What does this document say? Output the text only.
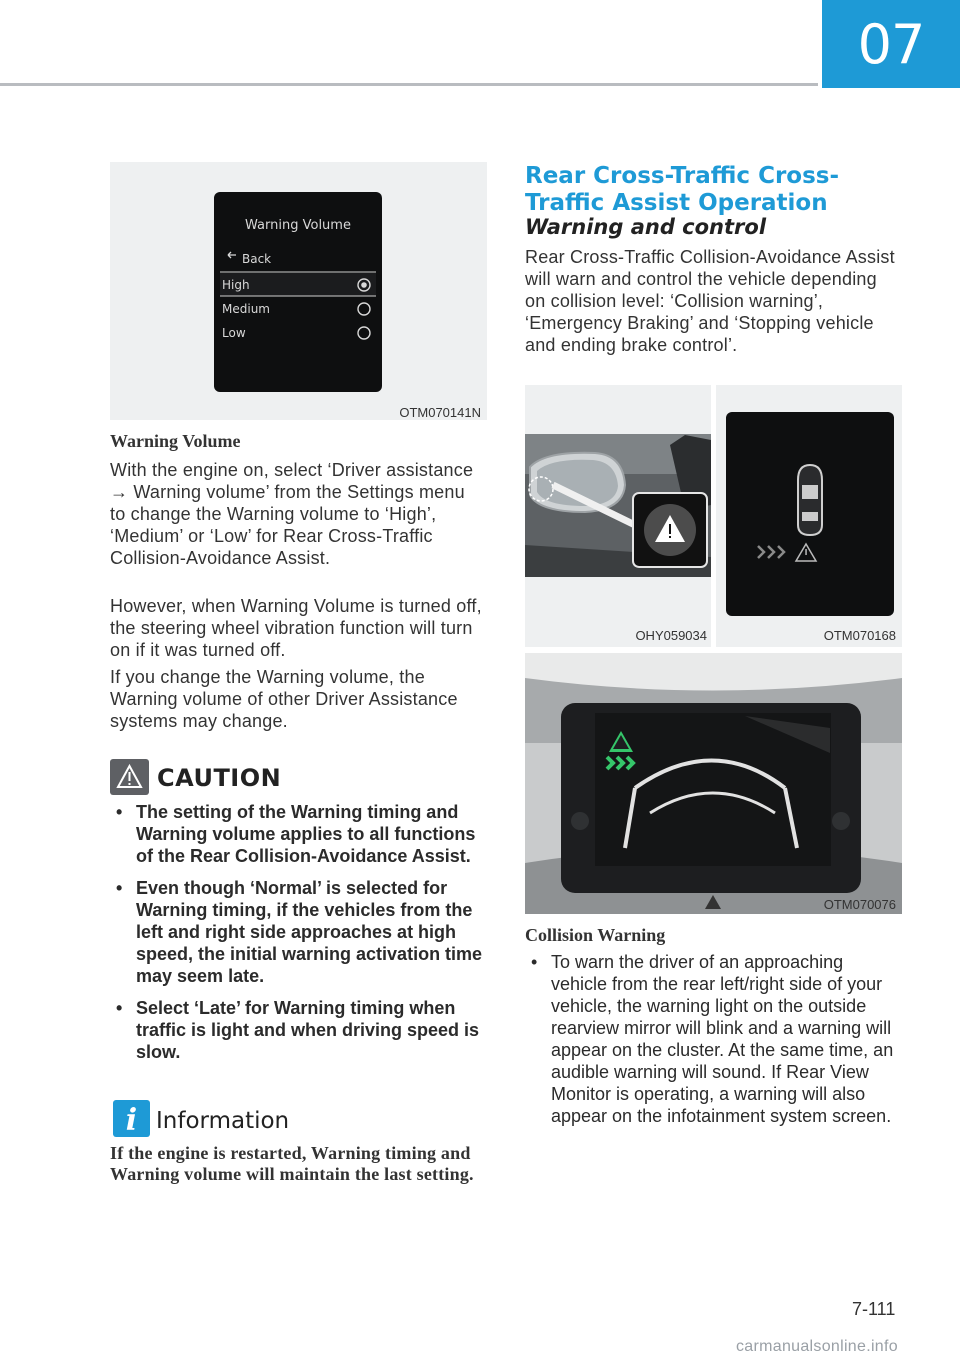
07
Warning Volume
Back
High
Medium
Low
OTM070141N
Warning Volume
With the engine on, select ‘Driver assistance → Warning volume’ from the Settings menu to change the Warning volume to ‘High’, ‘Medium’ or ‘Low’ for Rear Cross-Traffic Collision-Avoidance Assist.
However, when Warning Volume is turned off, the steering wheel vibration function will turn on if it was turned off.
If you change the Warning volume, the Warning volume of other Driver Assistance systems may change.
CAUTION
• The setting of the Warning timing and Warning volume applies to all functions of the Rear Collision-Avoidance Assist.
• Even though ‘Normal’ is selected for Warning timing, if the vehicles from the left and right side approaches at high speed, the initial warning activation time may seem late.
• Select ‘Late’ for Warning timing when traffic is light and when driving speed is slow.
i Information
If the engine is restarted, Warning timing and Warning volume will maintain the last setting.
Rear Cross-Traffic Cross-Traffic Assist Operation
Warning and control
Rear Cross-Traffic Collision-Avoidance Assist will warn and control the vehicle depending on collision level: ‘Collision warning’, ‘Emergency Braking’ and ‘Stopping vehicle and ending brake control’.
OHY059034	OTM070168
OTM070076
Collision Warning
• To warn the driver of an approaching vehicle from the rear left/right side of your vehicle, the warning light on the outside rearview mirror will blink and a warning will appear on the cluster. At the same time, an audible warning will sound. If Rear View Monitor is operating, a warning will also appear on the infotainment system screen.
7-111
carmanualsonline.info
